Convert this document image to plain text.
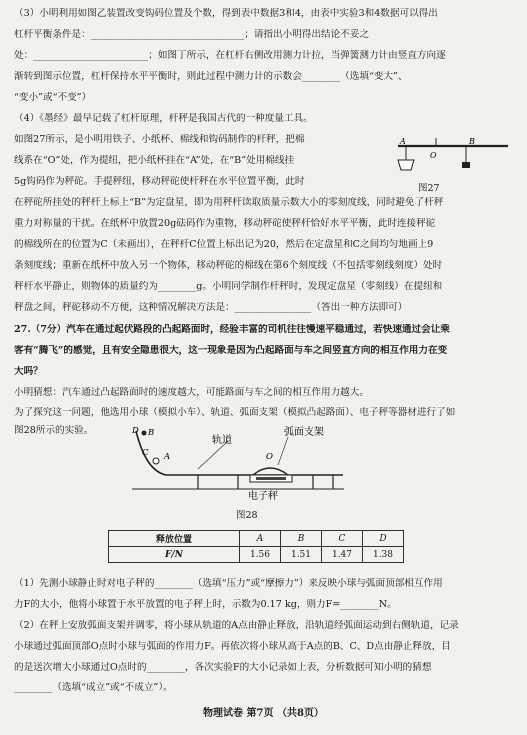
（3）小明利用如图乙装置改变钩码位置及个数，得到表中数据3和4，由表中实验3和4数据可以得出
杠杆平衡条件是：________________________________；请指出小明得出结论不妥之
处：________________________；如图丁所示，在杠杆右侧改用测力计拉，当弹簧测力计由竖直方向逐
渐转到图示位置，杠杆保持水平平衡时，则此过程中测力计的示数会________（选填“变大”、
“变小”或“不变”）
（4）《墨经》最早记载了杠杆原理，杆秤是我国古代的一种度量工具。
如图27所示，是小明用铁子、小纸杯、棉线和钩码制作的杆秤，把棉
线系在“O”处，作为提纽，把小纸杯挂在“A”处，在“B”处用棉线挂
5g钩码作为秤砣。手提秤纽，移动秤砣使杆秤在水平位置平衡，此时
在秤砣所挂处的秤杆上标上“B”为定盘星，即为用秤杆读取质量示数大小的零刻度线，同时避免了杆秤
重力对称量的干扰。在纸杯中放置20g砝码作为重物，移动秤砣使秤杆恰好水平平衡，此时连接秤砣
的棉线所在的位置为C（未画出），在秤杆C位置上标出记为20，然后在定盘星和C之间均匀地画上9
条刻度线；重新在纸杯中放入另一个物体，移动秤砣的棉线在第6个刻度线（不包括零刻线刻度）处时
秤杆水平静止，则物体的质量约为________g。小明同学制作杆秤时，发现定盘星（零刻线）在提纽和
秤盘之间，秤砣移动不方便，这种情况解决方法是：________________（答出一种方法即可）
27.（7分）汽车在通过起伏路段的凸起路面时，经验丰富的司机往往慢速平稳通过，若快速通过会让乘
客有“腾飞”的感觉，且有安全隐患很大，这一现象是因为凸起路面与车之间竖直方向的相互作用力在变
大吗？
小明猜想：汽车通过凸起路面时的速度越大，可能路面与车之间的相互作用力越大。
为了探究这一问题，他选用小球（模拟小车）、轨道、弧面支架（模拟凸起路面）、电子秤等器材进行了如
图28所示的实验。
A
O
B
图27
D B
C A	O
轨道
弧面支架
电子秤
图28
释放位置	A	B	C	D
F/N	1.56	1.51	1.47	1.38
（1）先测小球静止时对电子秤的________（选填“压力”或“摩擦力”）来反映小球与弧面顶部相互作用
力F的大小，他将小球置于水平放置的电子秤上时，示数为0.17 kg，则力F=________N。
（2）在秤上安放弧面支架并调零，将小球从轨道的A点由静止释放，沿轨道经弧面运动到右侧轨道，记录
小球通过弧面顶部O点时小球与弧面的作用力F。再依次将小球从高于A点的B、C、D点由静止释放，目
的是送次增大小球通过O点时的________，各次实验F的大小记录如上表，分析数据可知小明的猜想
________（选填“成立”或“不成立”）。
物理试卷 第7页 （共8页）
